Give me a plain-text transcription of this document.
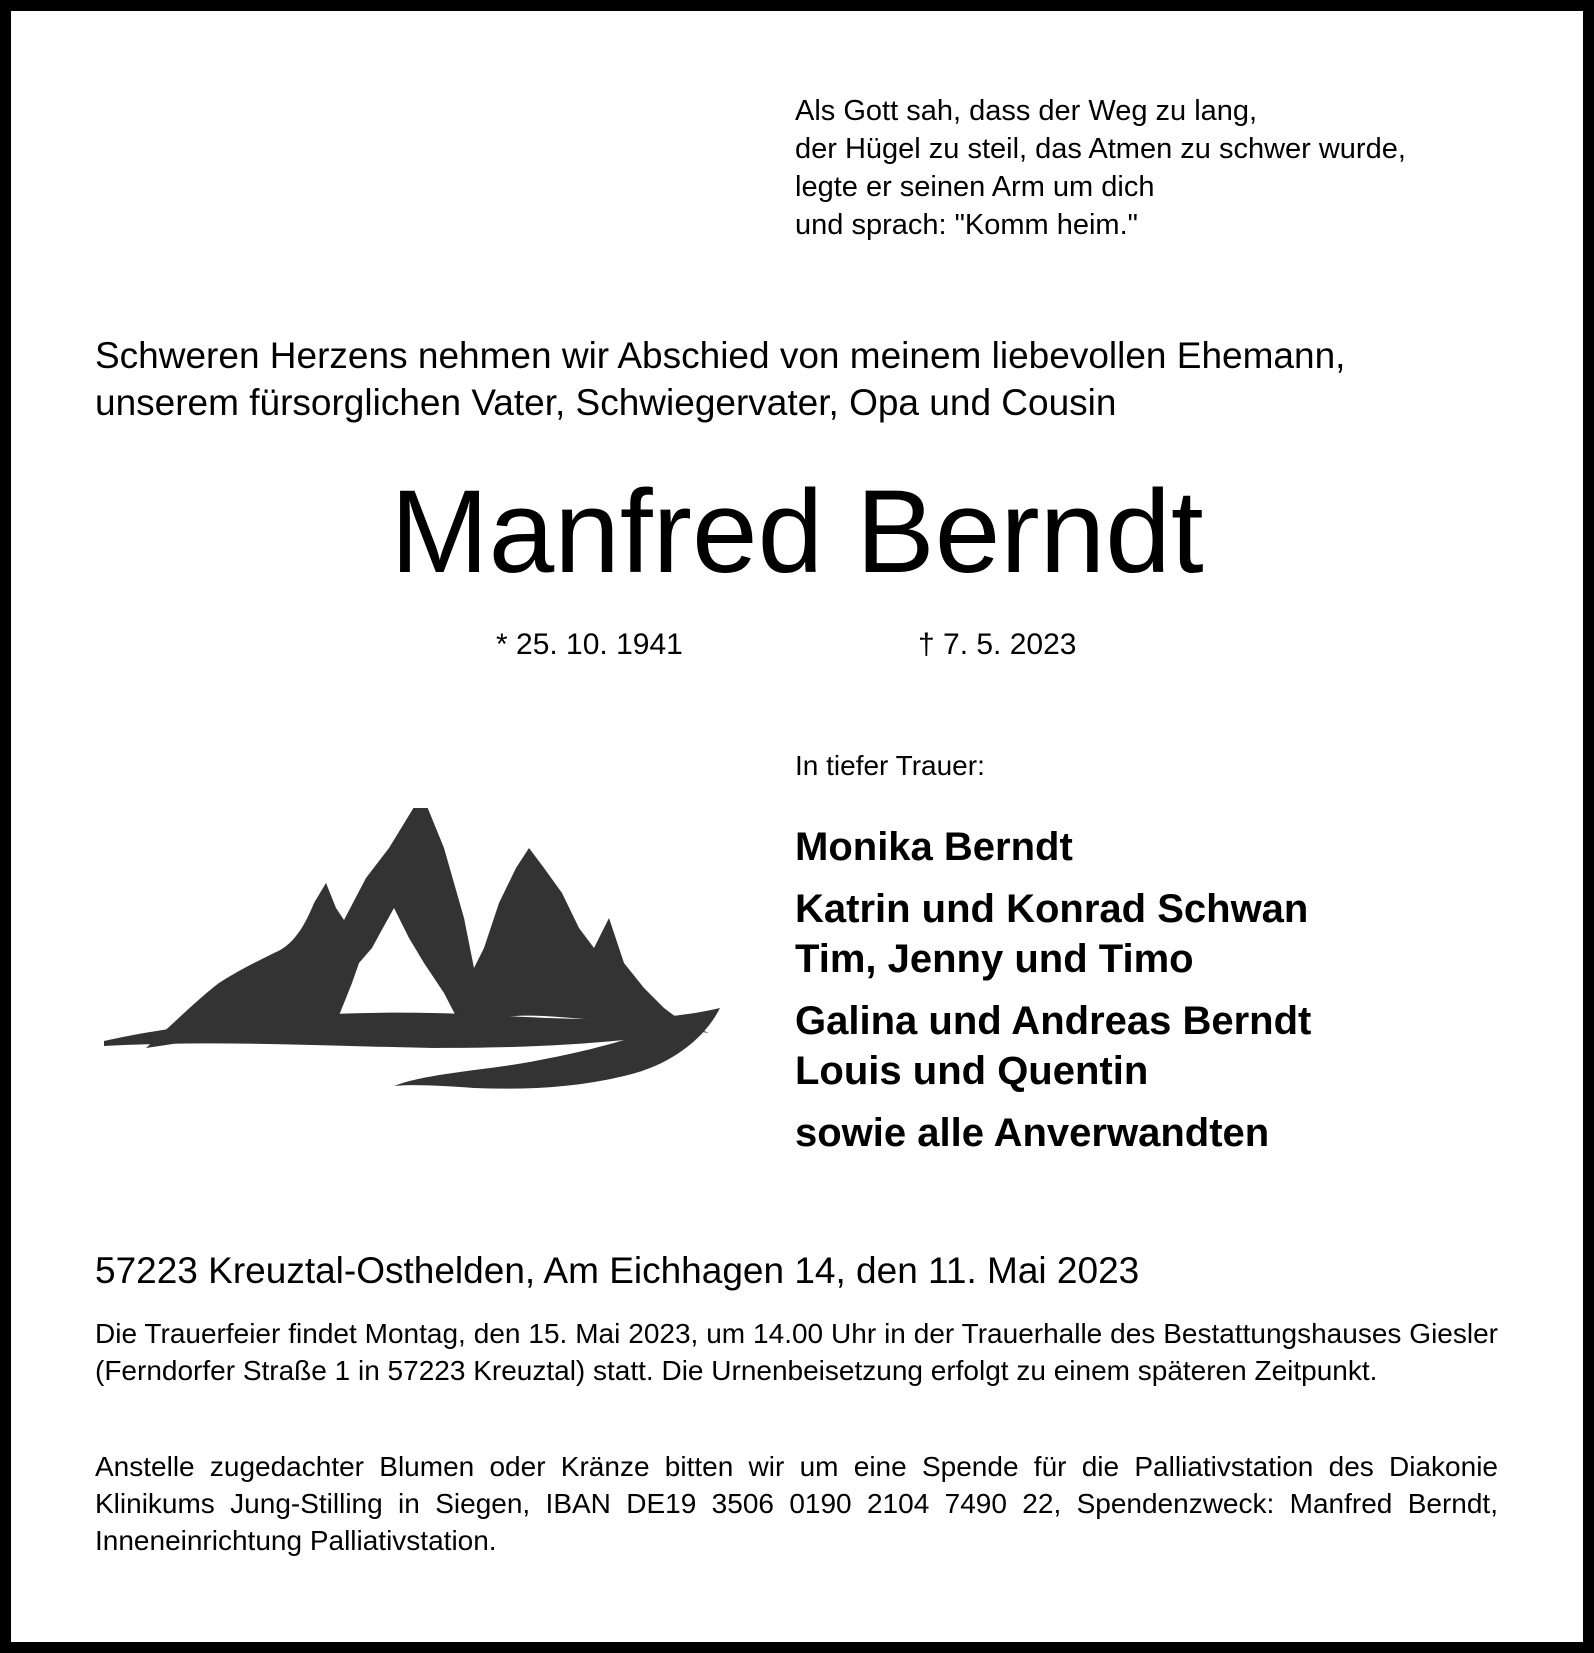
Als Gott sah, dass der Weg zu lang,
der Hügel zu steil, das Atmen zu schwer wurde,
legte er seinen Arm um dich
und sprach: "Komm heim."
Schweren Herzens nehmen wir Abschied von meinem liebevollen Ehemann,
unserem fürsorglichen Vater, Schwiegervater, Opa und Cousin
Manfred Berndt
* 25. 10. 1941	† 7. 5. 2023
In tiefer Trauer:
Monika Berndt
Katrin und Konrad Schwan
Tim, Jenny und Timo
Galina und Andreas Berndt
Louis und Quentin
sowie alle Anverwandten
57223 Kreuztal-Osthelden, Am Eichhagen 14, den 11. Mai 2023
Die Trauerfeier findet Montag, den 15. Mai 2023, um 14.00 Uhr in der Trauerhalle des Bestattungshauses Giesler (Ferndorfer Straße 1 in 57223 Kreuztal) statt. Die Urnenbeisetzung erfolgt zu einem späteren Zeitpunkt.
Anstelle zugedachter Blumen oder Kränze bitten wir um eine Spende für die Palliativstation des Diakonie Klinikums Jung-Stilling in Siegen, IBAN DE19 3506 0190 2104 7490 22, Spendenzweck: Manfred Berndt, Inneneinrichtung Palliativstation.
